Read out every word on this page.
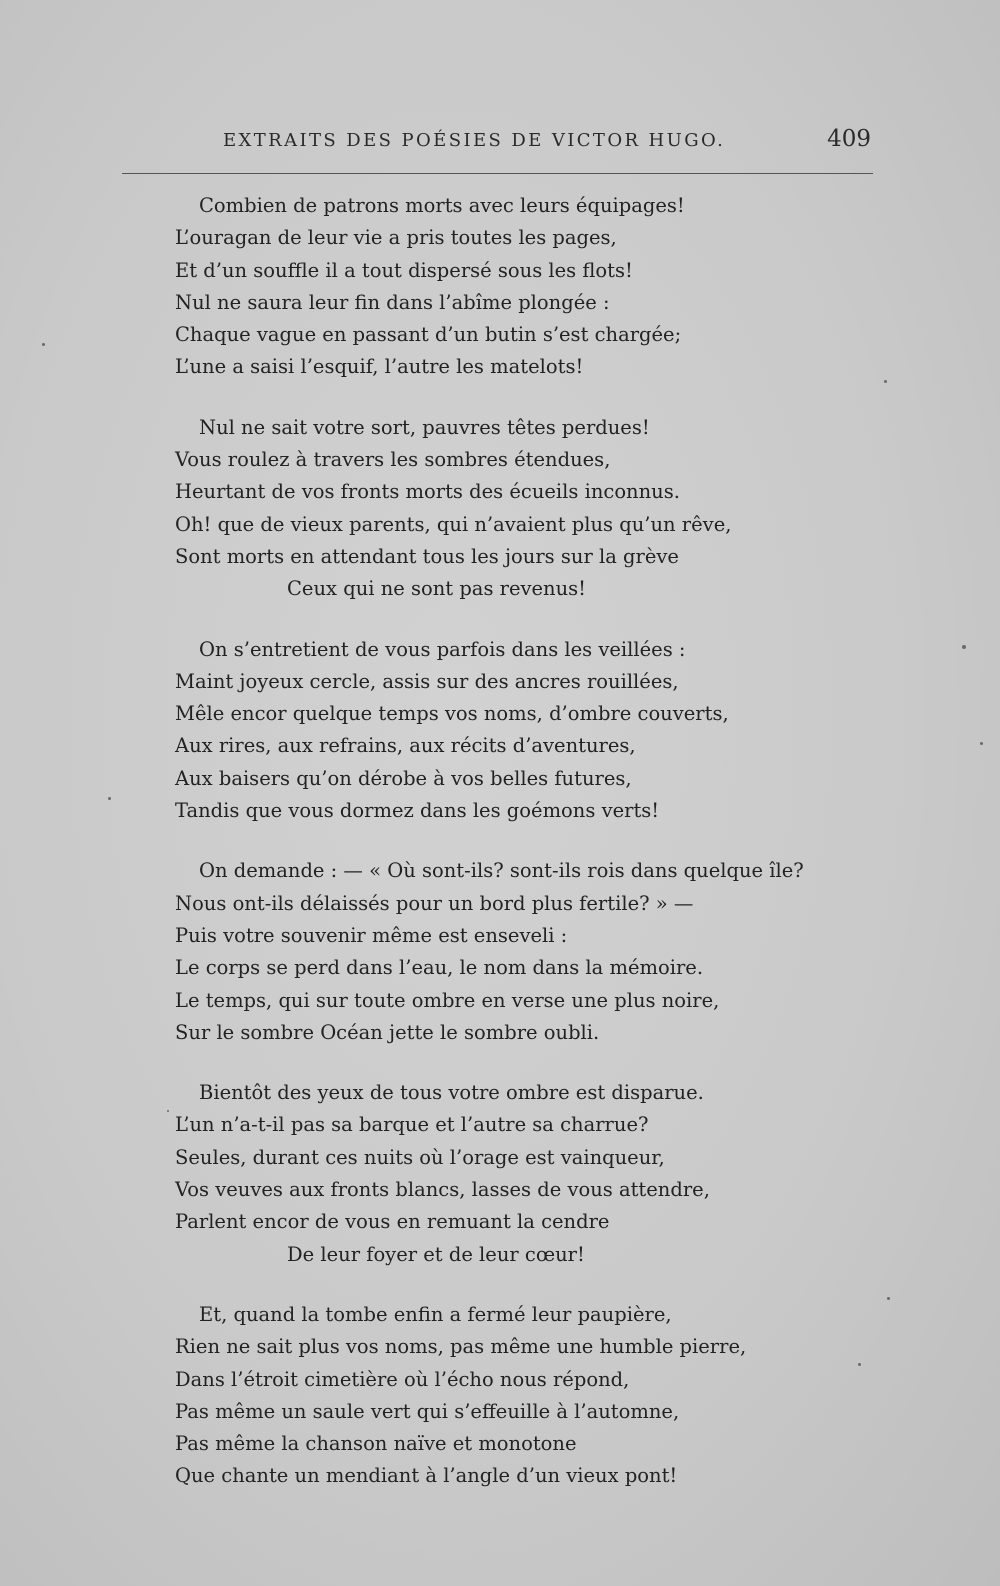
EXTRAITS DES POÉSIES DE VICTOR HUGO.	409
Combien de patrons morts avec leurs équipages!
L’ouragan de leur vie a pris toutes les pages,
Et d’un souffle il a tout dispersé sous les flots!
Nul ne saura leur fin dans l’abîme plongée :
Chaque vague en passant d’un butin s’est chargée;
L’une a saisi l’esquif, l’autre les matelots!
Nul ne sait votre sort, pauvres têtes perdues!
Vous roulez à travers les sombres étendues,
Heurtant de vos fronts morts des écueils inconnus.
Oh! que de vieux parents, qui n’avaient plus qu’un rêve,
Sont morts en attendant tous les jours sur la grève
Ceux qui ne sont pas revenus!
On s’entretient de vous parfois dans les veillées :
Maint joyeux cercle, assis sur des ancres rouillées,
Mêle encor quelque temps vos noms, d’ombre couverts,
Aux rires, aux refrains, aux récits d’aventures,
Aux baisers qu’on dérobe à vos belles futures,
Tandis que vous dormez dans les goémons verts!
On demande : — « Où sont-ils? sont-ils rois dans quelque île?
Nous ont-ils délaissés pour un bord plus fertile? » —
Puis votre souvenir même est enseveli :
Le corps se perd dans l’eau, le nom dans la mémoire.
Le temps, qui sur toute ombre en verse une plus noire,
Sur le sombre Océan jette le sombre oubli.
Bientôt des yeux de tous votre ombre est disparue.
L’un n’a-t-il pas sa barque et l’autre sa charrue?
Seules, durant ces nuits où l’orage est vainqueur,
Vos veuves aux fronts blancs, lasses de vous attendre,
Parlent encor de vous en remuant la cendre
De leur foyer et de leur cœur!
Et, quand la tombe enfin a fermé leur paupière,
Rien ne sait plus vos noms, pas même une humble pierre,
Dans l’étroit cimetière où l’écho nous répond,
Pas même un saule vert qui s’effeuille à l’automne,
Pas même la chanson naïve et monotone
Que chante un mendiant à l’angle d’un vieux pont!
